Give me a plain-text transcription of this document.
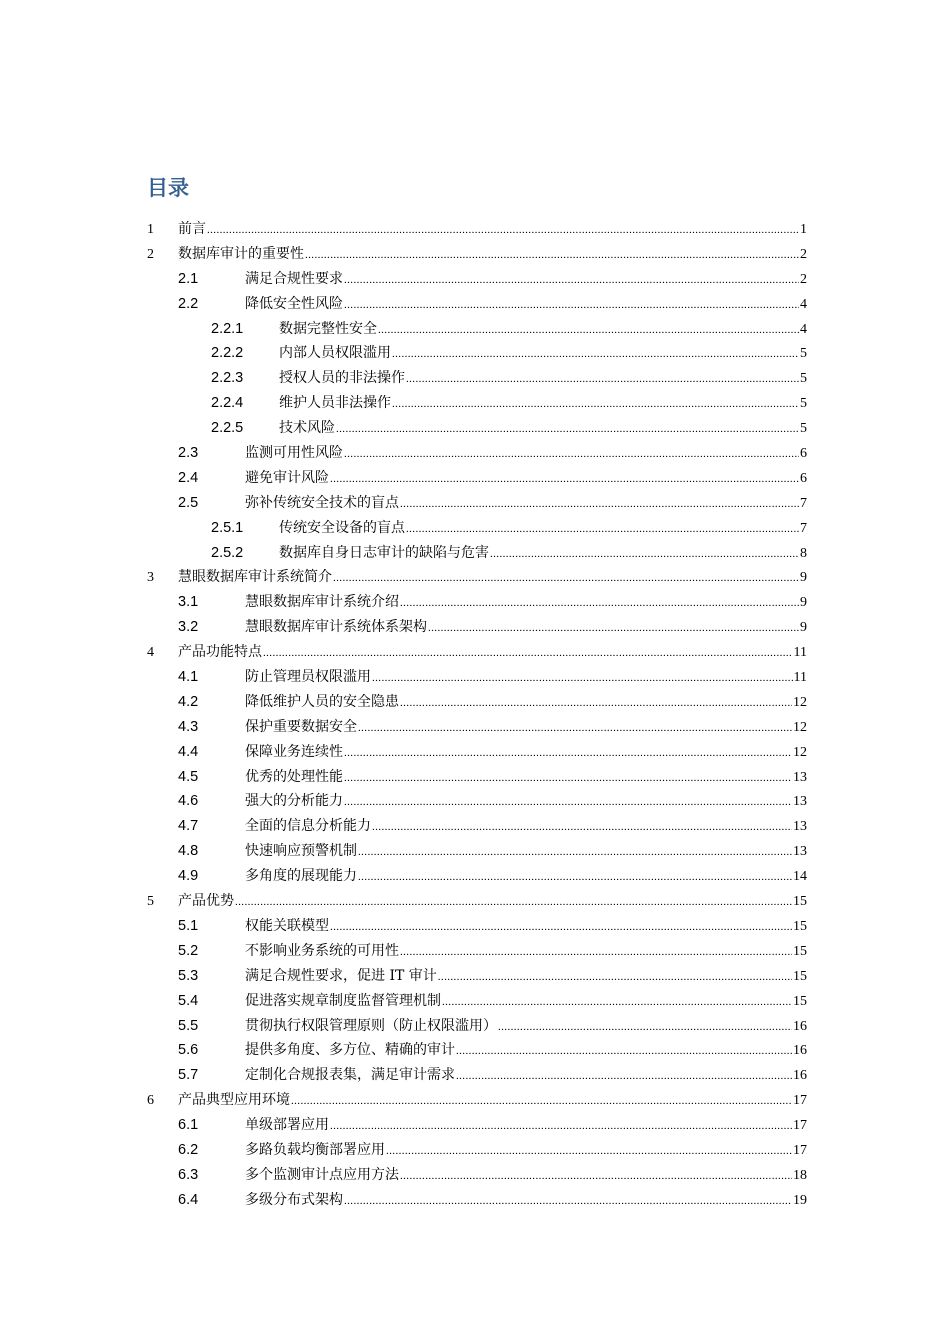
目录
1	前言 .....	1
2	数据库审计的重要性 .....	2
2.1	满足合规性要求 .....	2
2.2	降低安全性风险 .....	4
2.2.1	数据完整性安全 .....	4
2.2.2	内部人员权限滥用 .....	5
2.2.3	授权人员的非法操作 .....	5
2.2.4	维护人员非法操作 .....	5
2.2.5	技术风险 .....	5
2.3	监测可用性风险 .....	6
2.4	避免审计风险 .....	6
2.5	弥补传统安全技术的盲点 .....	7
2.5.1	传统安全设备的盲点 .....	7
2.5.2	数据库自身日志审计的缺陷与危害 .....	8
3	慧眼数据库审计系统简介 .....	9
3.1	慧眼数据库审计系统介绍 .....	9
3.2	慧眼数据库审计系统体系架构 .....	9
4	产品功能特点 .....	11
4.1	防止管理员权限滥用 .....	11
4.2	降低维护人员的安全隐患 .....	12
4.3	保护重要数据安全 .....	12
4.4	保障业务连续性 .....	12
4.5	优秀的处理性能 .....	13
4.6	强大的分析能力 .....	13
4.7	全面的信息分析能力 .....	13
4.8	快速响应预警机制 .....	13
4.9	多角度的展现能力 .....	14
5	产品优势 .....	15
5.1	权能关联模型 .....	15
5.2	不影响业务系统的可用性 .....	15
5.3	满足合规性要求，促进 IT 审计 .....	15
5.4	促进落实规章制度监督管理机制 .....	15
5.5	贯彻执行权限管理原则（防止权限滥用） .....	16
5.6	提供多角度、多方位、精确的审计 .....	16
5.7	定制化合规报表集，满足审计需求 .....	16
6	产品典型应用环境 .....	17
6.1	单级部署应用 .....	17
6.2	多路负载均衡部署应用 .....	17
6.3	多个监测审计点应用方法 .....	18
6.4	多级分布式架构 .....	19
